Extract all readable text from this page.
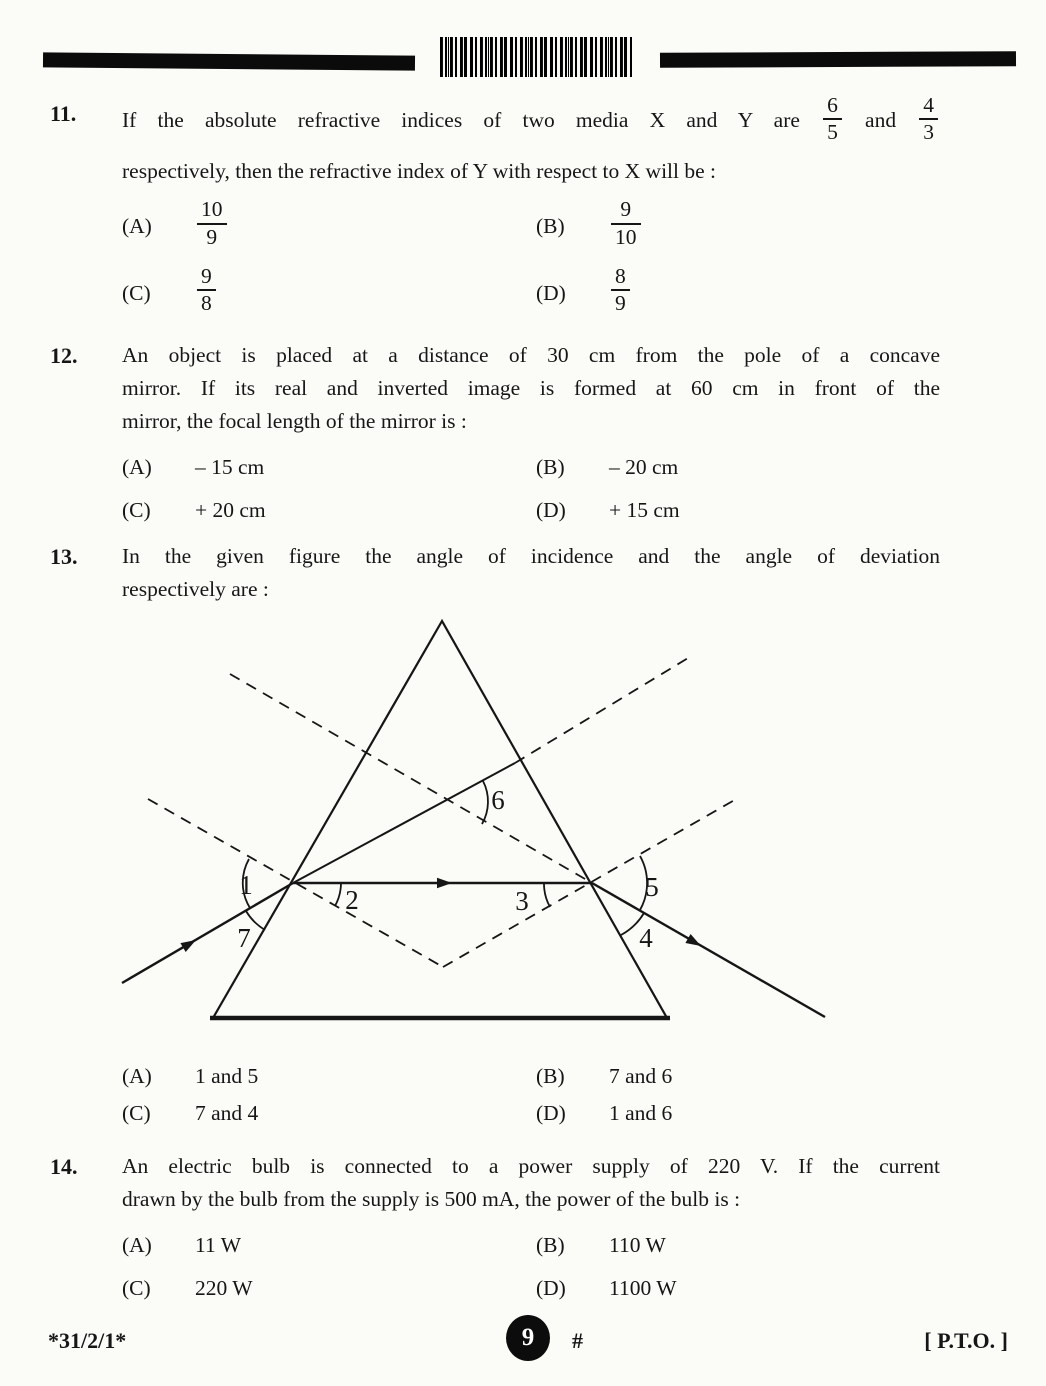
11.	If the absolute refractive indices of two media X and Y are $\frac{6}{5}$ and $\frac{4}{3}$
respectively, then the refractive index of Y with respect to X will be :
(A)	$\frac{10}{9}$	(B)	$\frac{9}{10}$
(C)	$\frac{9}{8}$	(D)	$\frac{8}{9}$
12.	An object is placed at a distance of 30 cm from the pole of a concave
mirror. If its real and inverted image is formed at 60 cm in front of the
mirror, the focal length of the mirror is :
(A)	– 15 cm	(B)	– 20 cm
(C)	+ 20 cm	(D)	+ 15 cm
13.	In the given figure the angle of incidence and the angle of deviation
respectively are :
1	2	3
4
5
6
7
(A)	1 and 5	(B)	7 and 6
(C)	7 and 4	(D)	1 and 6
14.	An electric bulb is connected to a power supply of 220 V. If the current
drawn by the bulb from the supply is 500 mA, the power of the bulb is :
(A)	11 W	(B)	110 W
(C)	220 W	(D)	1100 W
*31/2/1*	9 #	[ P.T.O. ]
